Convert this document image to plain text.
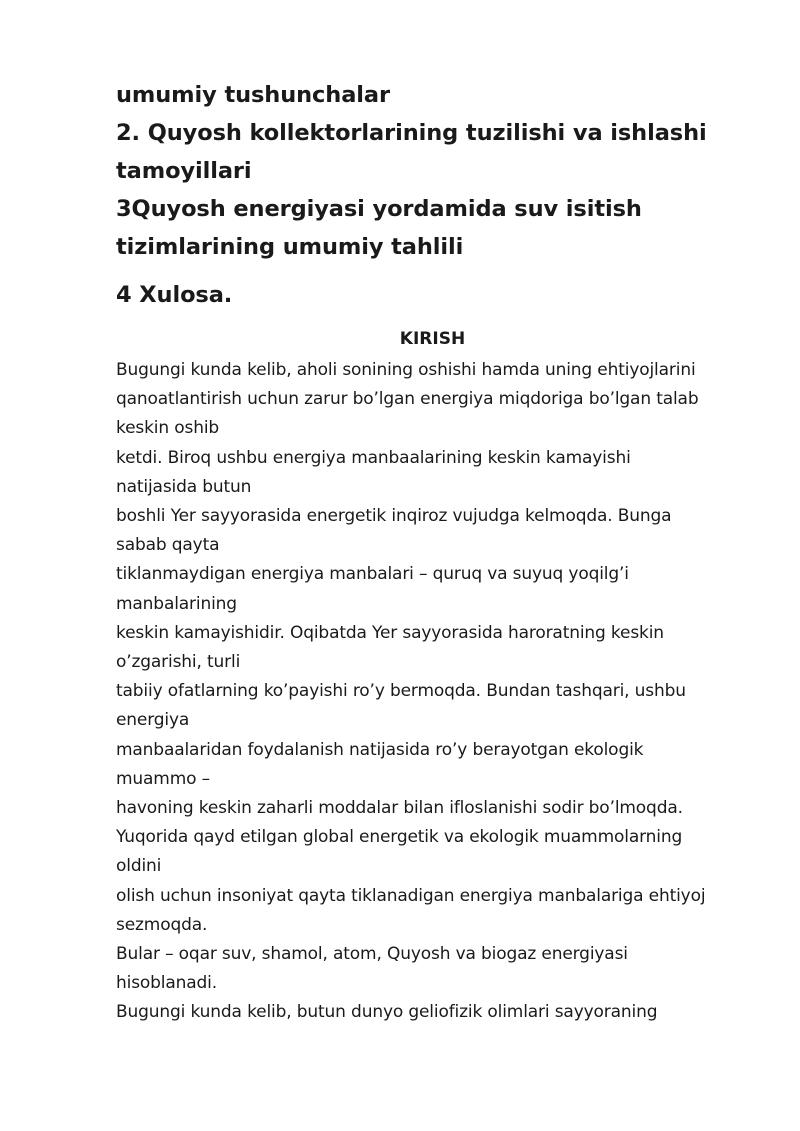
umumiy tushunchalar
2. Quyosh kollektorlarining tuzilishi va ishlashi
tamoyillari
3Quyosh energiyasi yordamida suv isitish
tizimlarining umumiy tahlili
4 Xulosa.
KIRISH
Bugungi kunda kelib, aholi sonining oshishi hamda uning ehtiyojlarini
qanoatlantirish uchun zarur bo’lgan energiya miqdoriga bo’lgan talab
keskin oshib
ketdi. Biroq ushbu energiya manbaalarining keskin kamayishi
natijasida butun
boshli Yer sayyorasida energetik inqiroz vujudga kelmoqda. Bunga
sabab qayta
tiklanmaydigan energiya manbalari – quruq va suyuq yoqilg’i
manbalarining
keskin kamayishidir. Oqibatda Yer sayyorasida haroratning keskin
o’zgarishi, turli
tabiiy ofatlarning ko’payishi ro’y bermoqda. Bundan tashqari, ushbu
energiya
manbaalaridan foydalanish natijasida ro’y berayotgan ekologik
muammo –
havoning keskin zaharli moddalar bilan ifloslanishi sodir bo’lmoqda.
Yuqorida qayd etilgan global energetik va ekologik muammolarning
oldini
olish uchun insoniyat qayta tiklanadigan energiya manbalariga ehtiyoj
sezmoqda.
Bular – oqar suv, shamol, atom, Quyosh va biogaz energiyasi
hisoblanadi.
Bugungi kunda kelib, butun dunyo geliofizik olimlari sayyoraning
